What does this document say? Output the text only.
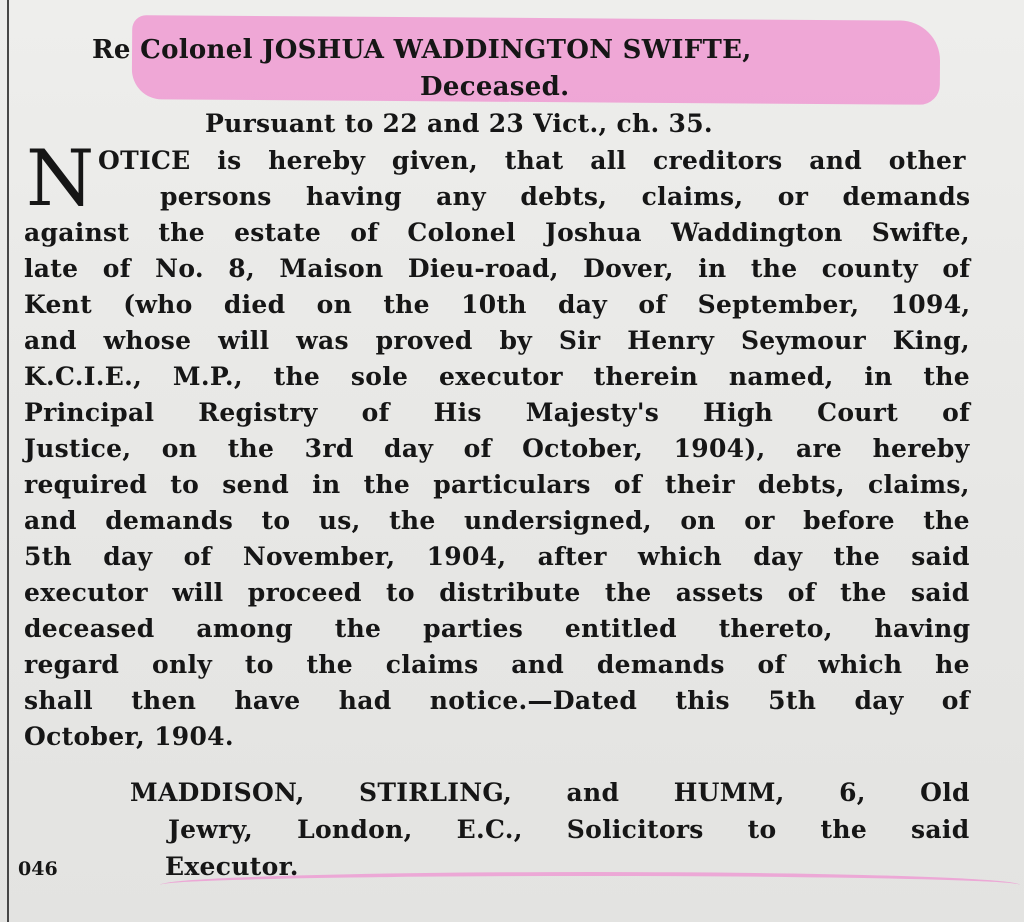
Re Colonel JOSHUA WADDINGTON SWIFTE,
Deceased.
Pursuant to 22 and 23 Vict., ch. 35.
N OTICE is hereby given, that all creditors and other
persons having any debts, claims, or demands
against the estate of Colonel Joshua Waddington Swifte,
late of No. 8, Maison Dieu-road, Dover, in the county of
Kent (who died on the 10th day of September, 1094,
and whose will was proved by Sir Henry Seymour King,
K.C.I.E., M.P., the sole executor therein named, in the
Principal Registry of His Majesty's High Court of
Justice, on the 3rd day of October, 1904), are hereby
required to send in the particulars of their debts, claims,
and demands to us, the undersigned, on or before the
5th day of November, 1904, after which day the said
executor will proceed to distribute the assets of the said
deceased among the parties entitled thereto, having
regard only to the claims and demands of which he
shall then have had notice.—Dated this 5th day of
October, 1904.
MADDISON, STIRLING, and HUMM, 6, Old
Jewry, London, E.C., Solicitors to the said
Executor.
046
